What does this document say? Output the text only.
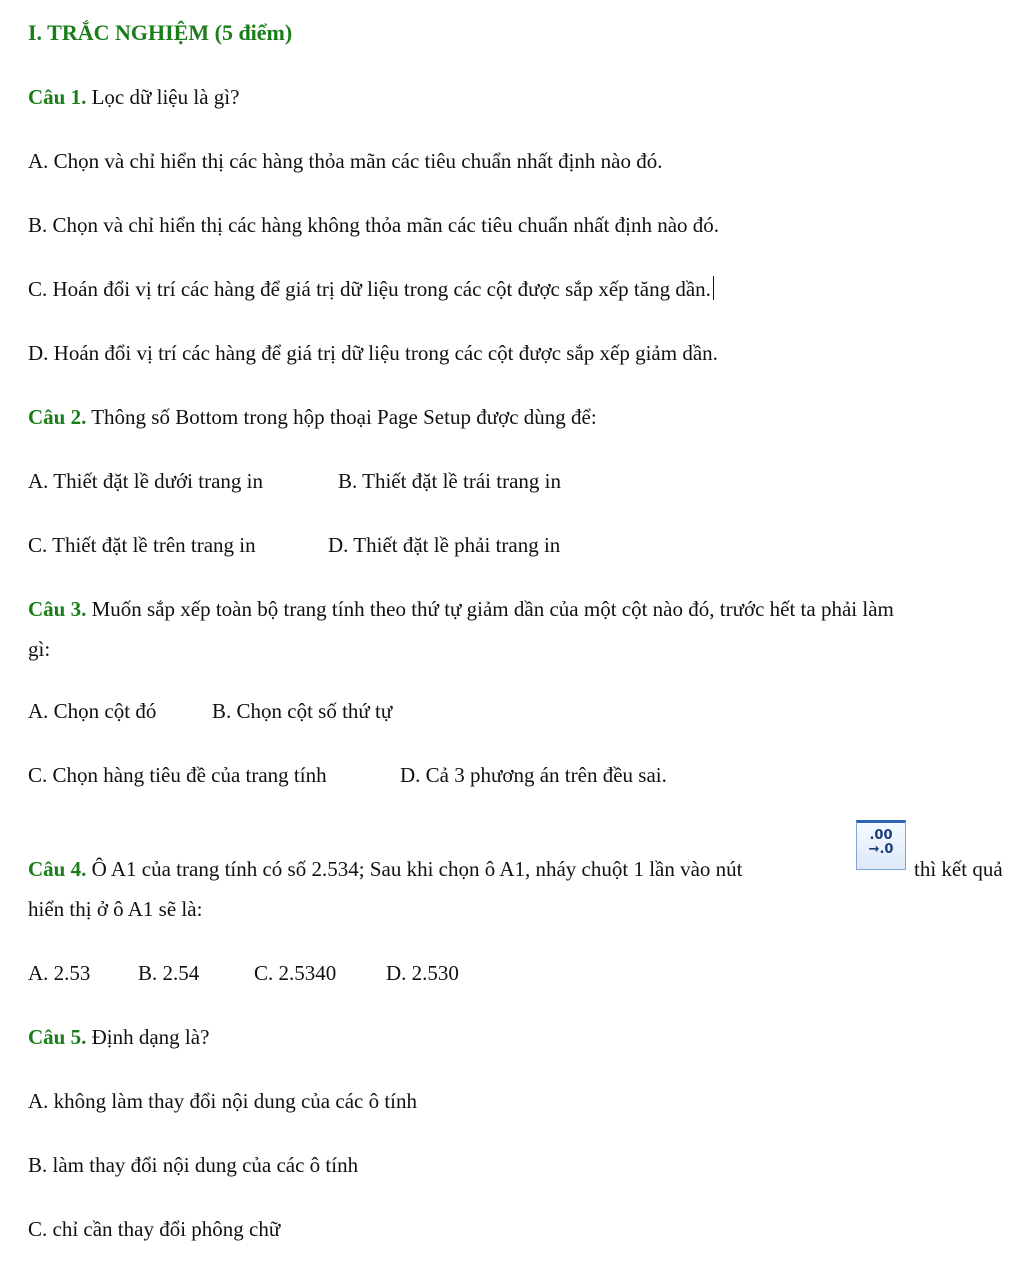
I. TRẮC NGHIỆM (5 điểm)
Câu 1. Lọc dữ liệu là gì?
A. Chọn và chỉ hiển thị các hàng thỏa mãn các tiêu chuẩn nhất định nào đó.
B. Chọn và chỉ hiển thị các hàng không thỏa mãn các tiêu chuẩn nhất định nào đó.
C. Hoán đổi vị trí các hàng để giá trị dữ liệu trong các cột được sắp xếp tăng dần.
D. Hoán đổi vị trí các hàng để giá trị dữ liệu trong các cột được sắp xếp giảm dần.
Câu 2. Thông số Bottom trong hộp thoại Page Setup được dùng để:
A. Thiết đặt lề dưới trang in	B. Thiết đặt lề trái trang in
C. Thiết đặt lề trên trang in	D. Thiết đặt lề phải trang in
Câu 3. Muốn sắp xếp toàn bộ trang tính theo thứ tự giảm dần của một cột nào đó, trước hết ta phải làm
gì:
A. Chọn cột đó	B. Chọn cột số thứ tự
C. Chọn hàng tiêu đề của trang tính	D. Cả 3 phương án trên đều sai.
Câu 4. Ô A1 của trang tính có số 2.534; Sau khi chọn ô A1, nháy chuột 1 lần vào nút
.00
→.0
thì kết quả
hiển thị ở ô A1 sẽ là:
A. 2.53 B. 2.54	C. 2.5340 D. 2.530
Câu 5. Định dạng là?
A. không làm thay đổi nội dung của các ô tính
B. làm thay đổi nội dung của các ô tính
C. chỉ cần thay đổi phông chữ
